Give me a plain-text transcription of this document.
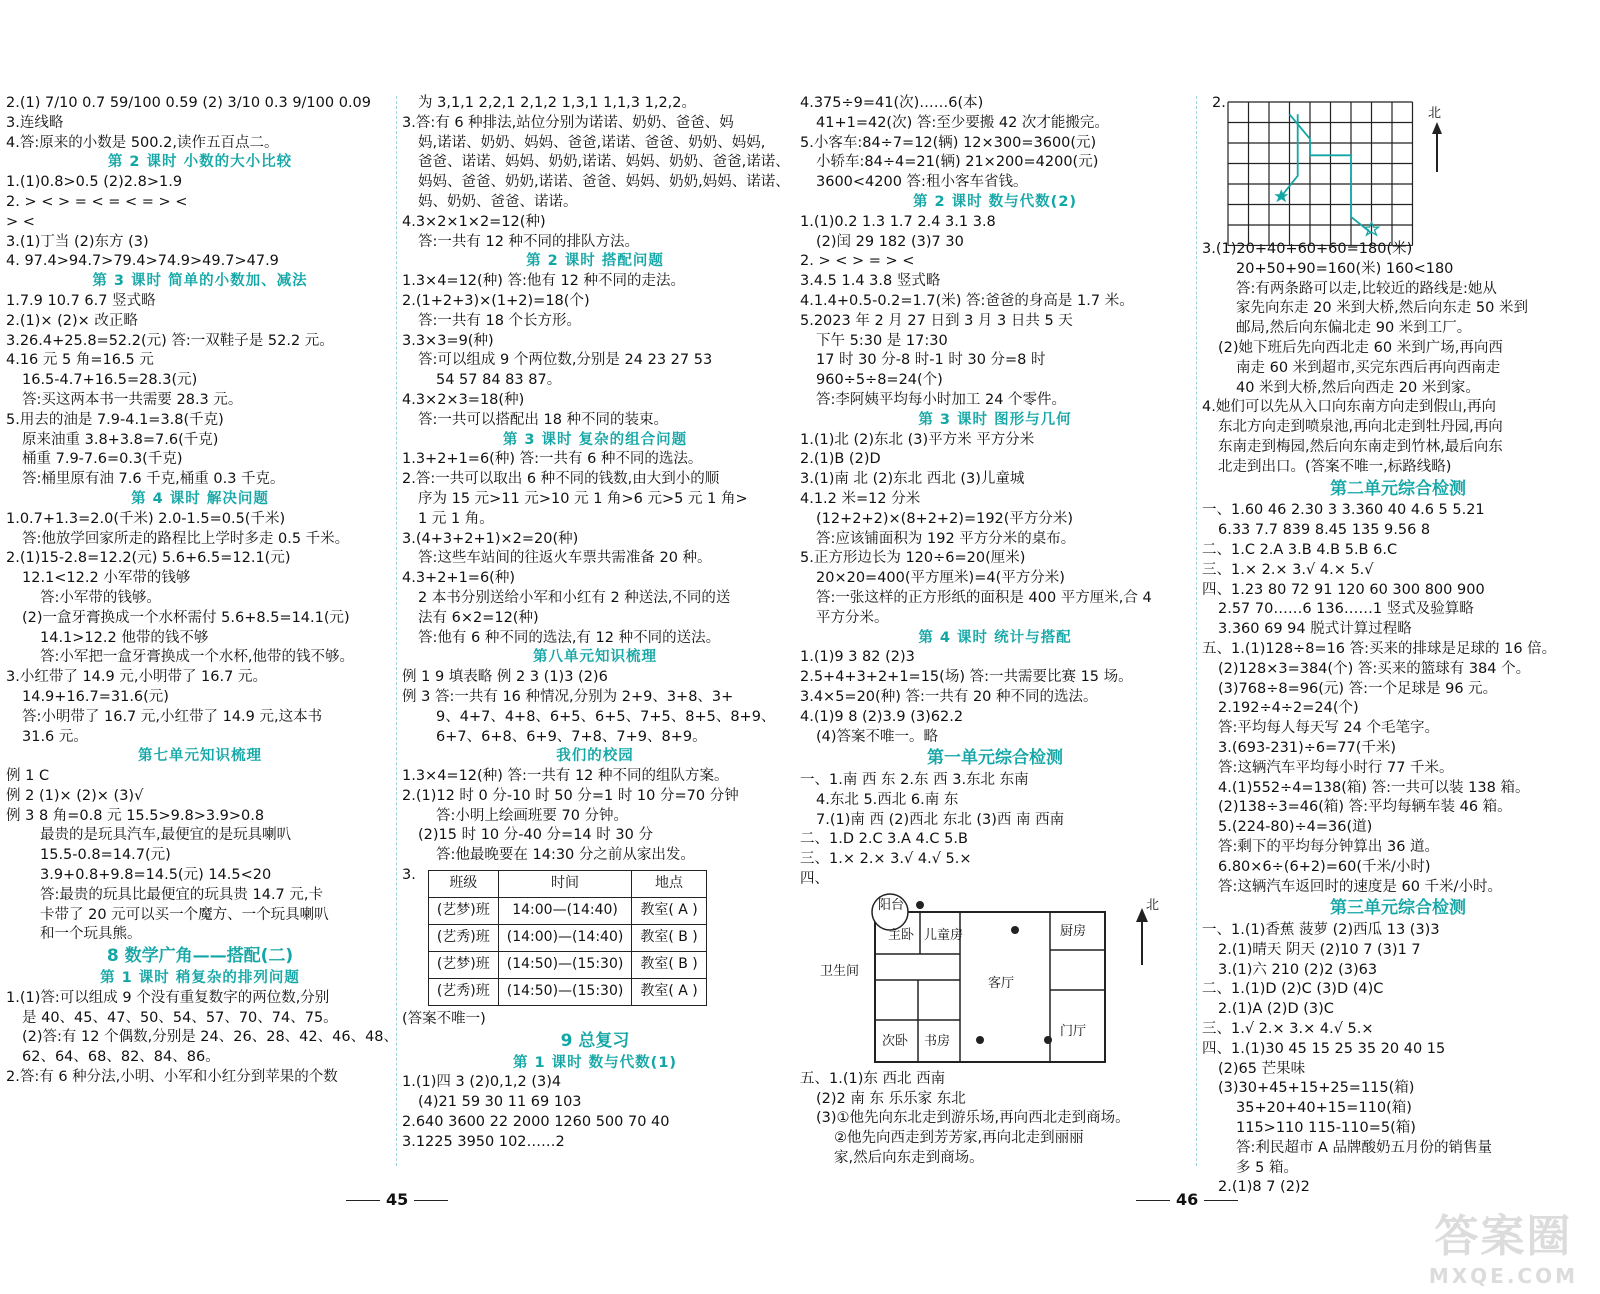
2.(1) 7/10 0.7 59/100 0.59 (2) 3/10 0.3 9/100 0.09
3.连线略
4.答:原来的小数是 500.2,读作五百点二。
第 2 课时 小数的大小比较
1.(1)0.8>0.5 (2)2.8>1.9
2. > < > = < = < = > <
> <
3.(1)丁当 (2)东方 (3)
4. 97.4>94.7>79.4>74.9>49.7>47.9
第 3 课时 简单的小数加、减法
1.7.9 10.7 6.7 竖式略
2.(1)× (2)× 改正略
3.26.4+25.8=52.2(元) 答:一双鞋子是 52.2 元。
4.16 元 5 角=16.5 元
16.5-4.7+16.5=28.3(元)
答:买这两本书一共需要 28.3 元。
5.用去的油是 7.9-4.1=3.8(千克)
原来油重 3.8+3.8=7.6(千克)
桶重 7.9-7.6=0.3(千克)
答:桶里原有油 7.6 千克,桶重 0.3 千克。
第 4 课时 解决问题
1.0.7+1.3=2.0(千米) 2.0-1.5=0.5(千米)
答:他放学回家所走的路程比上学时多走 0.5 千米。
2.(1)15-2.8=12.2(元) 5.6+6.5=12.1(元)
12.1<12.2 小军带的钱够
答:小军带的钱够。
(2)一盒牙膏换成一个水杯需付 5.6+8.5=14.1(元)
14.1>12.2 他带的钱不够
答:小军把一盒牙膏换成一个水杯,他带的钱不够。
3.小红带了 14.9 元,小明带了 16.7 元。
14.9+16.7=31.6(元)
答:小明带了 16.7 元,小红带了 14.9 元,这本书
31.6 元。
第七单元知识梳理
例 1 C
例 2 (1)× (2)× (3)√
例 3 8 角=0.8 元 15.5>9.8>3.9>0.8
最贵的是玩具汽车,最便宜的是玩具喇叭
15.5-0.8=14.7(元)
3.9+0.8+9.8=14.5(元) 14.5<20
答:最贵的玩具比最便宜的玩具贵 14.7 元,卡
卡带了 20 元可以买一个魔方、一个玩具喇叭
和一个玩具熊。
8 数学广角——搭配(二)
第 1 课时 稍复杂的排列问题
1.(1)答:可以组成 9 个没有重复数字的两位数,分别
是 40、45、47、50、54、57、70、74、75。
(2)答:有 12 个偶数,分别是 24、26、28、42、46、48、
62、64、68、82、84、86。
2.答:有 6 种分法,小明、小军和小红分到苹果的个数
为 3,1,1 2,2,1 2,1,2 1,3,1 1,1,3 1,2,2。
3.答:有 6 种排法,站位分别为诺诺、奶奶、爸爸、妈
妈,诺诺、奶奶、妈妈、爸爸,诺诺、爸爸、奶奶、妈妈,
爸爸、诺诺、妈妈、奶奶,诺诺、妈妈、奶奶、爸爸,诺诺、
妈妈、爸爸、奶奶,诺诺、爸爸、妈妈、奶奶,妈妈、诺诺、
妈、奶奶、爸爸、诺诺。
4.3×2×1×2=12(种)
答:一共有 12 种不同的排队方法。
第 2 课时 搭配问题
1.3×4=12(种) 答:他有 12 种不同的走法。
2.(1+2+3)×(1+2)=18(个)
答:一共有 18 个长方形。
3.3×3=9(种)
答:可以组成 9 个两位数,分别是 24 23 27 53
54 57 84 83 87。
4.3×2×3=18(种)
答:一共可以搭配出 18 种不同的装束。
第 3 课时 复杂的组合问题
1.3+2+1=6(种) 答:一共有 6 种不同的选法。
2.答:一共可以取出 6 种不同的钱数,由大到小的顺
序为 15 元>11 元>10 元 1 角>6 元>5 元 1 角>
1 元 1 角。
3.(4+3+2+1)×2=20(种)
答:这些车站间的往返火车票共需准备 20 种。
4.3+2+1=6(种)
2 本书分别送给小军和小红有 2 种送法,不同的送
法有 6×2=12(种)
答:他有 6 种不同的选法,有 12 种不同的送法。
第八单元知识梳理
例 1 9 填表略 例 2 3 (1)3 (2)6
例 3 答:一共有 16 种情况,分别为 2+9、3+8、3+
9、4+7、4+8、6+5、6+5、7+5、8+5、8+9、
6+7、6+8、6+9、7+8、7+9、8+9。
我们的校园
1.3×4=12(种) 答:一共有 12 种不同的组队方案。
2.(1)12 时 0 分-10 时 50 分=1 时 10 分=70 分钟
答:小明上绘画班要 70 分钟。
(2)15 时 10 分-40 分=14 时 30 分
答:他最晚要在 14:30 分之前从家出发。
3.
班级	时间	地点
(艺梦)班	14:00—(14:40)	教室( A )
(艺秀)班	(14:00)—(14:40)	教室( B )
(艺梦)班	(14:50)—(15:30)	教室( B )
(艺秀)班	(14:50)—(15:30)	教室( A )
(答案不唯一)
9 总复习
第 1 课时 数与代数(1)
1.(1)四 3 (2)0,1,2 (3)4
(4)21 59 30 11 69 103
2.640 3600 22 2000 1260 500 70 40
3.1225 3950 102……2
4.375÷9=41(次)……6(本)
41+1=42(次) 答:至少要搬 42 次才能搬完。
5.小客车:84÷7=12(辆) 12×300=3600(元)
小轿车:84÷4=21(辆) 21×200=4200(元)
3600<4200 答:租小客车省钱。
第 2 课时 数与代数(2)
1.(1)0.2 1.3 1.7 2.4 3.1 3.8
(2)闰 29 182 (3)7 30
2. > < > = > <
3.4.5 1.4 3.8 竖式略
4.1.4+0.5-0.2=1.7(米) 答:爸爸的身高是 1.7 米。
5.2023 年 2 月 27 日到 3 月 3 日共 5 天
下午 5:30 是 17:30
17 时 30 分-8 时-1 时 30 分=8 时
960÷5÷8=24(个)
答:李阿姨平均每小时加工 24 个零件。
第 3 课时 图形与几何
1.(1)北 (2)东北 (3)平方米 平方分米
2.(1)B (2)D
3.(1)南 北 (2)东北 西北 (3)儿童城
4.1.2 米=12 分米
(12+2+2)×(8+2+2)=192(平方分米)
答:应该铺面积为 192 平方分米的桌布。
5.正方形边长为 120÷6=20(厘米)
20×20=400(平方厘米)=4(平方分米)
答:一张这样的正方形纸的面积是 400 平方厘米,合 4
平方分米。
第 4 课时 统计与搭配
1.(1)9 3 82 (2)3
2.5+4+3+2+1=15(场) 答:一共需要比赛 15 场。
3.4×5=20(种) 答:一共有 20 种不同的选法。
4.(1)9 8 (2)3.9 (3)62.2
(4)答案不唯一。略
第一单元综合检测
一、1.南 西 东 2.东 西 3.东北 东南
4.东北 5.西北 6.南 东
7.(1)南 西 (2)西北 东北 (3)西 南 西南
二、1.D 2.C 3.A 4.C 5.B
三、1.× 2.× 3.√ 4.√ 5.×
四、
阳台
主卧 儿童房	厨房
卫生间
客厅
次卧 书房
门厅
北
五、1.(1)东 西北 西南
(2)2 南 东 乐乐家 东北
(3)①他先向东北走到游乐场,再向西北走到商场。
②他先向西走到芳芳家,再向北走到丽丽
家,然后向东走到商场。
2.
北
3.(1)20+40+60+60=180(米)
20+50+90=160(米) 160<180
答:有两条路可以走,比较近的路线是:她从
家先向东走 20 米到大桥,然后向东走 50 米到
邮局,然后向东偏北走 90 米到工厂。
(2)她下班后先向西北走 60 米到广场,再向西
南走 60 米到超市,买完东西后再向西南走
40 米到大桥,然后向西走 20 米到家。
4.她们可以先从入口向东南方向走到假山,再向
东北方向走到喷泉池,再向北走到牡丹园,再向
东南走到梅园,然后向东南走到竹林,最后向东
北走到出口。(答案不唯一,标路线略)
第二单元综合检测
一、1.60 46 2.30 3 3.360 40 4.6 5 5.21
6.33 7.7 839 8.45 135 9.56 8
二、1.C 2.A 3.B 4.B 5.B 6.C
三、1.× 2.× 3.√ 4.× 5.√
四、1.23 80 72 91 120 60 300 800 900
2.57 70……6 136……1 竖式及验算略
3.360 69 94 脱式计算过程略
五、1.(1)128÷8=16 答:买来的排球是足球的 16 倍。
(2)128×3=384(个) 答:买来的篮球有 384 个。
(3)768÷8=96(元) 答:一个足球是 96 元。
2.192÷4÷2=24(个)
答:平均每人每天写 24 个毛笔字。
3.(693-231)÷6=77(千米)
答:这辆汽车平均每小时行 77 千米。
4.(1)552÷4=138(箱) 答:一共可以装 138 箱。
(2)138÷3=46(箱) 答:平均每辆车装 46 箱。
5.(224-80)÷4=36(道)
答:剩下的平均每分钟算出 36 道。
6.80×6÷(6+2)=60(千米/小时)
答:这辆汽车返回时的速度是 60 千米/小时。
第三单元综合检测
一、1.(1)香蕉 菠萝 (2)西瓜 13 (3)3
2.(1)晴天 阴天 (2)10 7 (3)1 7
3.(1)六 210 (2)2 (3)63
二、1.(1)D (2)C (3)D (4)C
2.(1)A (2)D (3)C
三、1.√ 2.× 3.× 4.√ 5.×
四、1.(1)30 45 15 25 35 20 40 15
(2)65 芒果味
(3)30+45+15+25=115(箱)
35+20+40+15=110(箱)
115>110 115-110=5(箱)
答:利民超市 A 品牌酸奶五月份的销售量
多 5 箱。
2.(1)8 7 (2)2
45	46
答案圈
MXQE.COM
